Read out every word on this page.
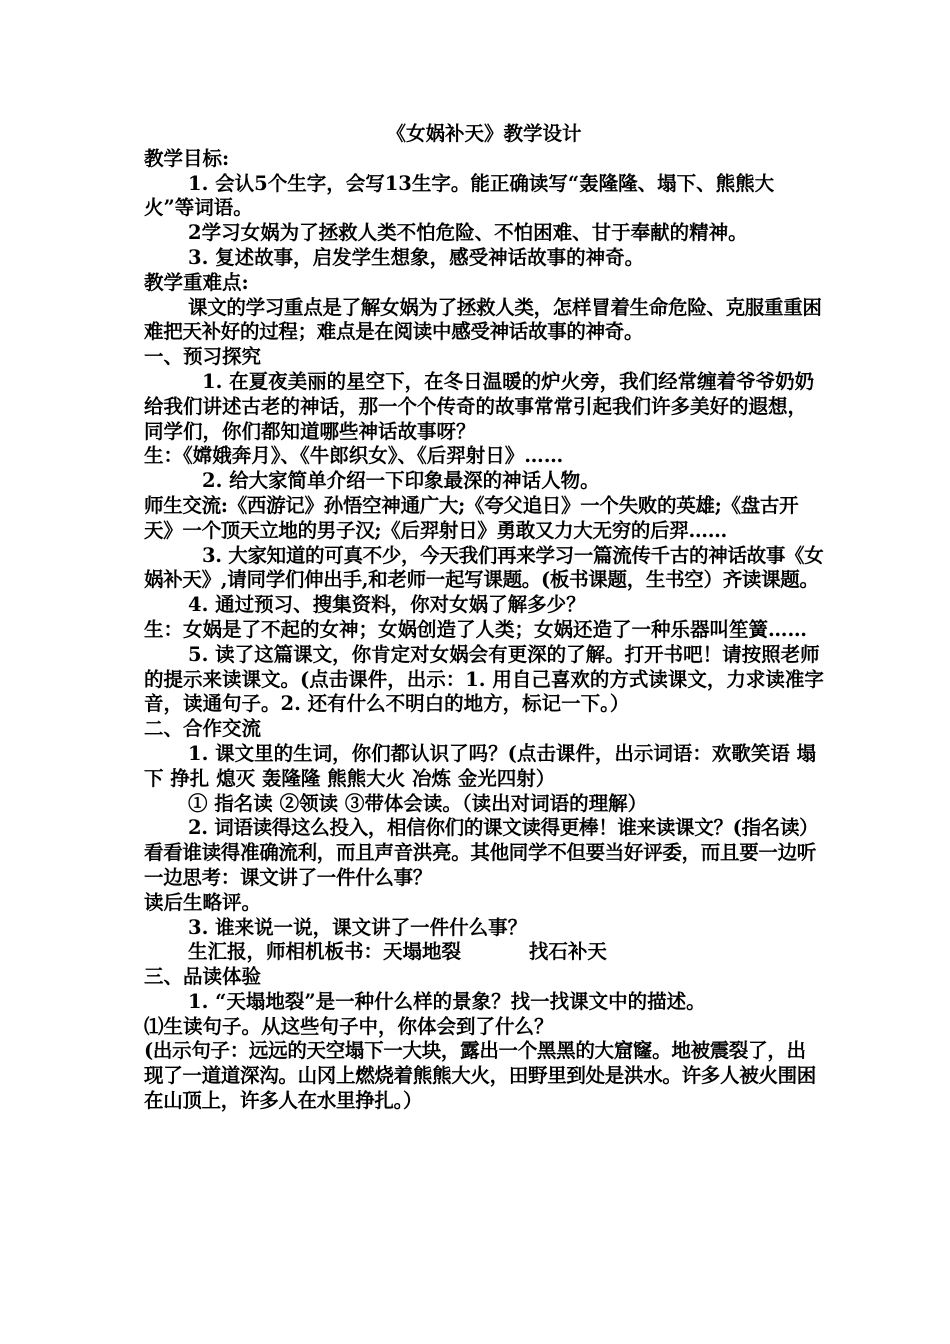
《女娲补天》教学设计
教学目标:
1. 会认5个生字，会写13生字。能正确读写“轰隆隆、塌下、熊熊大火”等词语。
2学习女娲为了拯救人类不怕危险、不怕困难、甘于奉献的精神。
3. 复述故事，启发学生想象，感受神话故事的神奇。
教学重难点:
课文的学习重点是了解女娲为了拯救人类，怎样冒着生命危险、克服重重困难把天补好的过程；难点是在阅读中感受神话故事的神奇。
一、预习探究
1. 在夏夜美丽的星空下，在冬日温暖的炉火旁，我们经常缠着爷爷奶奶给我们讲述古老的神话，那一个个传奇的故事常常引起我们许多美好的遐想，同学们，你们都知道哪些神话故事呀？
生：《嫦娥奔月》、《牛郎织女》、《后羿射日》……
2. 给大家简单介绍一下印象最深的神话人物。
师生交流:《西游记》孙悟空神通广大;《夸父追日》一个失败的英雄;《盘古开天》一个顶天立地的男子汉;《后羿射日》勇敢又力大无穷的后羿……
3. 大家知道的可真不少，今天我们再来学习一篇流传千古的神话故事《女娲补天》,请同学们伸出手,和老师一起写课题。(板书课题，生书空）齐读课题。
4. 通过预习、搜集资料，你对女娲了解多少？
生：女娲是了不起的女神；女娲创造了人类；女娲还造了一种乐器叫笙簧……
5. 读了这篇课文，你肯定对女娲会有更深的了解。打开书吧！请按照老师的提示来读课文。(点击课件，出示：1. 用自己喜欢的方式读课文，力求读准字音，读通句子。2. 还有什么不明白的地方，标记一下。）
二、合作交流
1. 课文里的生词，你们都认识了吗？(点击课件，出示词语：欢歌笑语 塌下 挣扎 熄灭 轰隆隆 熊熊大火 冶炼 金光四射）
① 指名读 ②领读 ③带体会读。（读出对词语的理解）
2. 词语读得这么投入，相信你们的课文读得更棒！谁来读课文？(指名读）看看谁读得准确流利，而且声音洪亮。其他同学不但要当好评委，而且要一边听一边思考：课文讲了一件什么事？
读后生略评。
3. 谁来说一说，课文讲了一件什么事？
生汇报，师相机板书：天塌地裂          找石补天
三、品读体验
1. “天塌地裂”是一种什么样的景象？找一找课文中的描述。
⑴生读句子。从这些句子中，你体会到了什么？
(出示句子：远远的天空塌下一大块，露出一个黑黑的大窟窿。地被震裂了，出现了一道道深沟。山冈上燃烧着熊熊大火，田野里到处是洪水。许多人被火围困在山顶上，许多人在水里挣扎。）
